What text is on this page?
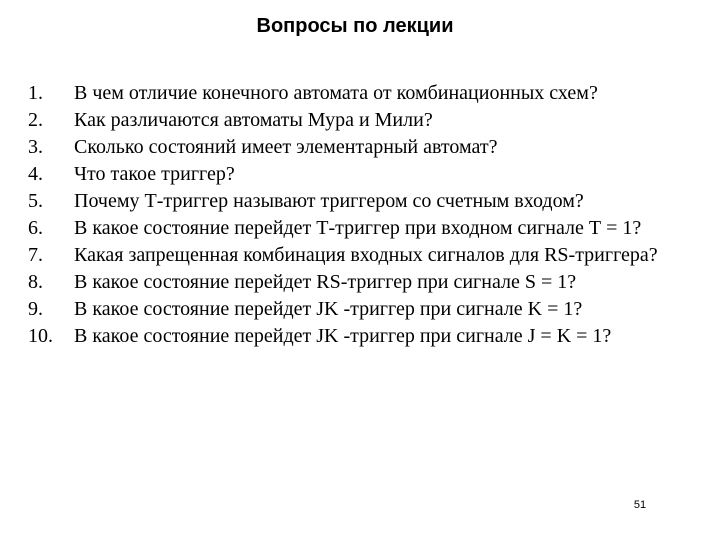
Вопросы по лекции
1.	В чем отличие конечного автомата от комбинационных схем?
2.	Как различаются автоматы Мура и Мили?
3.	Сколько состояний имеет элементарный автомат?
4.	Что такое триггер?
5.	Почему Т-триггер называют триггером со счетным входом?
6.	В какое состояние перейдет Т-триггер при входном сигнале Т = 1?
7.	Какая запрещенная комбинация входных сигналов для RS-триггера?
8.	В какое состояние перейдет RS-триггер при сигнале S = 1?
9.	В какое состояние перейдет JK -триггер при сигнале K = 1?
10.	В какое состояние перейдет JK -триггер при сигнале J = K = 1?
51
